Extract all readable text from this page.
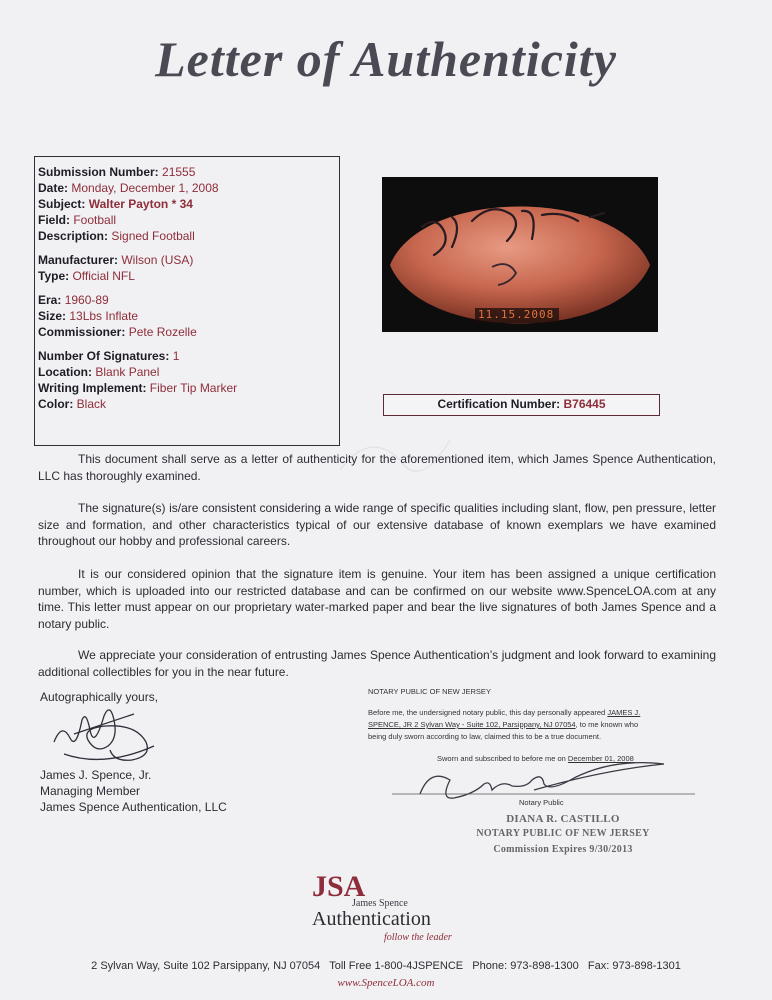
Letter of Authenticity
Submission Number: 21555
Date: Monday, December 1, 2008
Subject: Walter Payton * 34
Field: Football
Description: Signed Football
Manufacturer: Wilson (USA)
Type: Official NFL
Era: 1960-89
Size: 13Lbs Inflate
Commissioner: Pete Rozelle
Number Of Signatures: 1
Location: Blank Panel
Writing Implement: Fiber Tip Marker
Color: Black
11.15.2008
Certification Number: B76445
This document shall serve as a letter of authenticity for the aforementioned item, which James Spence Authentication, LLC has thoroughly examined.
The signature(s) is/are consistent considering a wide range of specific qualities including slant, flow, pen pressure, letter size and formation, and other characteristics typical of our extensive database of known exemplars we have examined throughout our hobby and professional careers.
It is our considered opinion that the signature item is genuine. Your item has been assigned a unique certification number, which is uploaded into our restricted database and can be confirmed on our website www.SpenceLOA.com at any time. This letter must appear on our proprietary water-marked paper and bear the live signatures of both James Spence and a notary public.
We appreciate your consideration of entrusting James Spence Authentication’s judgment and look forward to examining additional collectibles for you in the near future.
Autographically yours,
James J. Spence, Jr.
Managing Member
James Spence Authentication, LLC
NOTARY PUBLIC OF NEW JERSEY
Before me, the undersigned notary public, this day personally appeared JAMES J.
SPENCE, JR 2 Sylvan Way - Suite 102, Parsippany, NJ 07054, to me known who
being duly sworn according to law, claimed this to be a true document.
Sworn and subscribed to before me on December 01, 2008
Notary Public
DIANA R. CASTILLO
NOTARY PUBLIC OF NEW JERSEY
Commission Expires 9/30/2013
JSA
James Spence
Authentication
follow the leader
2 Sylvan Way, Suite 102 Parsippany, NJ 07054 Toll Free 1-800-4JSPENCE Phone: 973-898-1300 Fax: 973-898-1301
www.SpenceLOA.com
